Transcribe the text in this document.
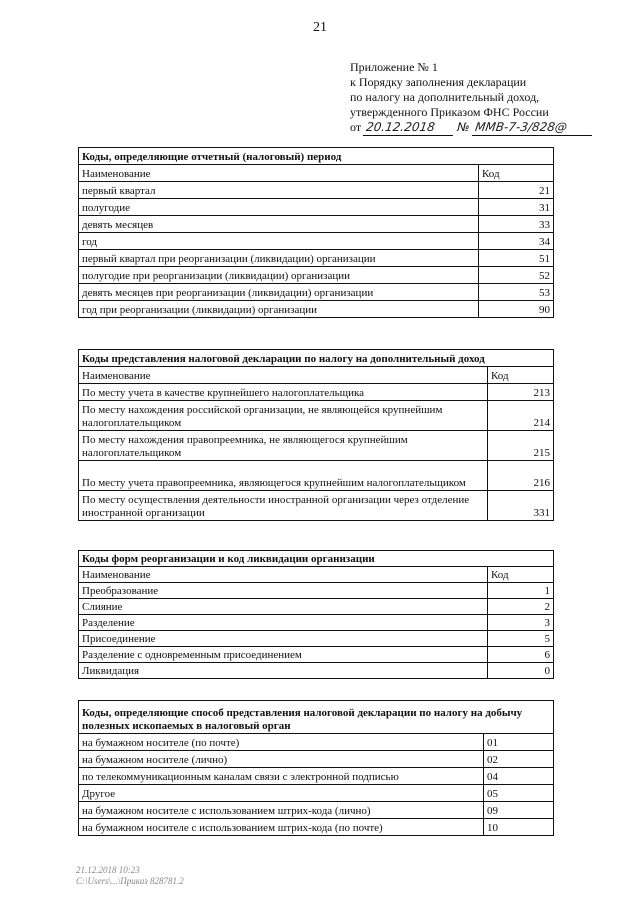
21
Приложение № 1
к Порядку заполнения декларации
по налогу на дополнительный доход,
утвержденного Приказом ФНС России
от 20.12.2018 № ММВ-7-3/828@
Коды, определяющие отчетный (налоговый) период	
Наименование	Код
первый квартал	21
полугодие	31
девять месяцев	33
год	34
первый квартал при реорганизации (ликвидации) организации	51
полугодие при реорганизации (ликвидации) организации	52
девять месяцев при реорганизации (ликвидации) организации	53
год при реорганизации (ликвидации) организации	90
Коды представления налоговой декларации по налогу на дополнительный доход	
Наименование	Код
По месту учета в качестве крупнейшего налогоплательщика	213
По месту нахождения российской организации, не являющейся крупнейшим налогоплательщиком	214
По месту нахождения правопреемника, не являющегося крупнейшим налогоплательщиком	215
По месту учета правопреемника, являющегося крупнейшим налогоплательщиком	216
По месту осуществления деятельности иностранной организации через отделение иностранной организации	331
Коды форм реорганизации и код ликвидации организации	
Наименование	Код
Преобразование	1
Слияние	2
Разделение	3
Присоединение	5
Разделение с одновременным присоединением	6
Ликвидация	0
Коды, определяющие способ представления налоговой декларации по налогу на добычу полезных ископаемых в налоговый орган	
на бумажном носителе (по почте)	01
на бумажном носителе (лично)	02
по телекоммуникационным каналам связи с электронной подписью	04
Другое	05
на бумажном носителе с использованием штрих-кода (лично)	09
на бумажном носителе с использованием штрих-кода (по почте)	10
21.12.2018 10:23
С:\Users\...\Приказ 828781.2
